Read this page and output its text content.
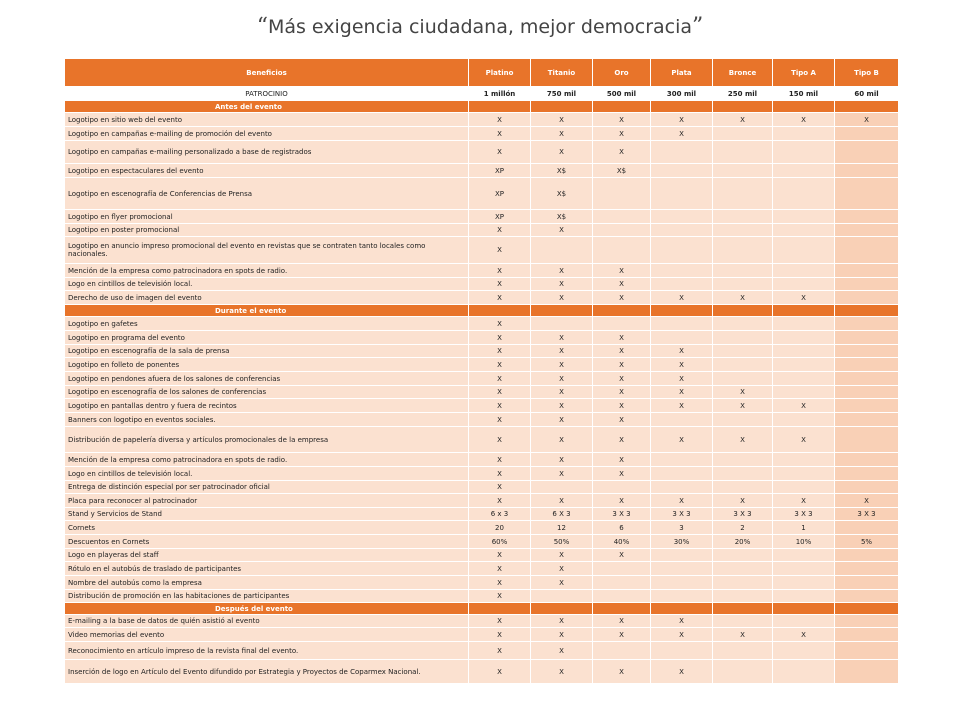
“Más exigencia ciudadana, mejor democracia”
Beneficios	Platino	Titanio	Oro	Plata	Bronce	Tipo A	Tipo B
PATROCINIO	1 millón	750 mil	500 mil	300 mil	250 mil	150 mil	60 mil
Antes del evento							
Logotipo en sitio web del evento	X	X	X	X	X	X	X
Logotipo en campañas e-mailing de promoción del evento	X	X	X	X			
Logotipo en campañas e-mailing personalizado a base de registrados	X	X	X				
Logotipo en espectaculares del evento	XP	X$	X$				
Logotipo en escenografía de Conferencias de Prensa	XP	X$					
Logotipo en flyer promocional	XP	X$					
Logotipo en poster promocional	X	X					
Logotipo en anuncio impreso promocional del evento en revistas que se contraten tanto locales como nacionales.	X						
Mención de la empresa como patrocinadora en spots de radio.	X	X	X				
Logo en cintillos de televisión local.	X	X	X				
Derecho de uso de imagen del evento	X	X	X	X	X	X	
Durante el evento							
Logotipo en gafetes	X						
Logotipo en programa del evento	X	X	X				
Logotipo en escenografía de la sala de prensa	X	X	X	X			
Logotipo en folleto de ponentes	X	X	X	X			
Logotipo en pendones afuera de los salones de conferencias	X	X	X	X			
Logotipo en escenografía de los salones de conferencias	X	X	X	X	X		
Logotipo en pantallas dentro y fuera de recintos	X	X	X	X	X	X	
Banners con logotipo en eventos sociales.	X	X	X				
Distribución de papelería diversa y artículos promocionales de la empresa	X	X	X	X	X	X	
Mención de la empresa como patrocinadora en spots de radio.	X	X	X				
Logo en cintillos de televisión local.	X	X	X				
Entrega de distinción especial por ser patrocinador oficial	X						
Placa para reconocer al patrocinador	X	X	X	X	X	X	X
Stand y Servicios de Stand	6 x 3	6 X 3	3 X 3	3 X 3	3 X 3	3 X 3	3 X 3
Cornets	20	12	6	3	2	1	
Descuentos en Cornets	60%	50%	40%	30%	20%	10%	5%
Logo en playeras del staff	X	X	X				
Rótulo en el autobús de traslado de participantes	X	X					
Nombre del autobús como la empresa	X	X					
Distribución de promoción en las habitaciones de participantes	X						
Después del evento							
E-mailing a la base de datos de quién asistió al evento	X	X	X	X			
Video memorias del evento	X	X	X	X	X	X	
Reconocimiento en artículo impreso de la revista final del evento.	X	X					
Inserción de logo en Artículo del Evento difundido por Estrategia y Proyectos de Coparmex Nacional.	X	X	X	X			
